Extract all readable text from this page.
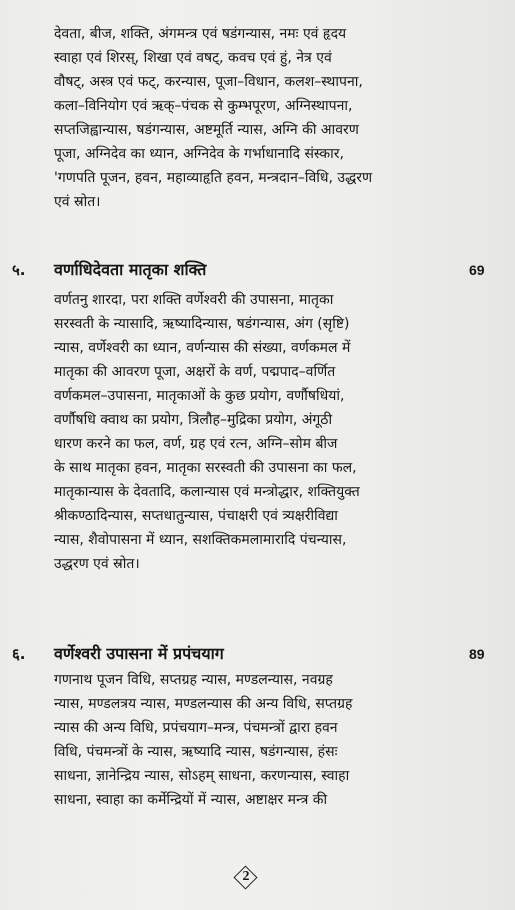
देवता, बीज, शक्ति, अंगमन्त्र एवं षडंगन्यास, नमः एवं हृदय
स्वाहा एवं शिरस्, शिखा एवं वषट्, कवच एवं हुं, नेत्र एवं
वौषट्, अस्त्र एवं फट्, करन्यास, पूजा–विधान, कलश–स्थापना,
कला–विनियोग एवं ऋक्–पंचक से कुम्भपूरण, अग्निस्थापना,
सप्तजिह्वान्यास, षडंगन्यास, अष्टमूर्ति न्यास, अग्नि की आवरण
पूजा, अग्निदेव का ध्यान, अग्निदेव के गर्भाधानादि संस्कार,
'गणपति पूजन, हवन, महाव्याहृति हवन, मन्त्रदान–विधि, उद्धरण
एवं स्रोत।
५. वर्णाधिदेवता मातृका शक्ति	69
वर्णतनु शारदा, परा शक्ति वर्णेश्वरी की उपासना, मातृका
सरस्वती के न्यासादि, ऋष्यादिन्यास, षडंगन्यास, अंग (सृष्टि)
न्यास, वर्णेश्वरी का ध्यान, वर्णन्यास की संख्या, वर्णकमल में
मातृका की आवरण पूजा, अक्षरों के वर्ण, पद्मपाद–वर्णित
वर्णकमल–उपासना, मातृकाओं के कुछ प्रयोग, वर्णौषधियां,
वर्णौषधि क्वाथ का प्रयोग, त्रिलौह–मुद्रिका प्रयोग, अंगूठी
धारण करने का फल, वर्ण, ग्रह एवं रत्न, अग्नि–सोम बीज
के साथ मातृका हवन, मातृका सरस्वती की उपासना का फल,
मातृकान्यास के देवतादि, कलान्यास एवं मन्त्रोद्धार, शक्तियुक्त
श्रीकण्ठादिन्यास, सप्तधातुन्यास, पंचाक्षरी एवं त्र्यक्षरीविद्या
न्यास, शैवोपासना में ध्यान, सशक्तिकमलामारादि पंचन्यास,
उद्धरण एवं स्रोत।
६. वर्णेश्वरी उपासना में प्रपंचयाग	89
गणनाथ पूजन विधि, सप्तग्रह न्यास, मण्डलन्यास, नवग्रह
न्यास, मण्डलत्रय न्यास, मण्डलन्यास की अन्य विधि, सप्तग्रह
न्यास की अन्य विधि, प्रपंचयाग–मन्त्र, पंचमन्त्रों द्वारा हवन
विधि, पंचमन्त्रों के न्यास, ऋष्यादि न्यास, षडंगन्यास, हंसः
साधना, ज्ञानेन्द्रिय न्यास, सोऽहम् साधना, करणन्यास, स्वाहा
साधना, स्वाहा का कर्मेन्द्रियों में न्यास, अष्टाक्षर मन्त्र की
2
